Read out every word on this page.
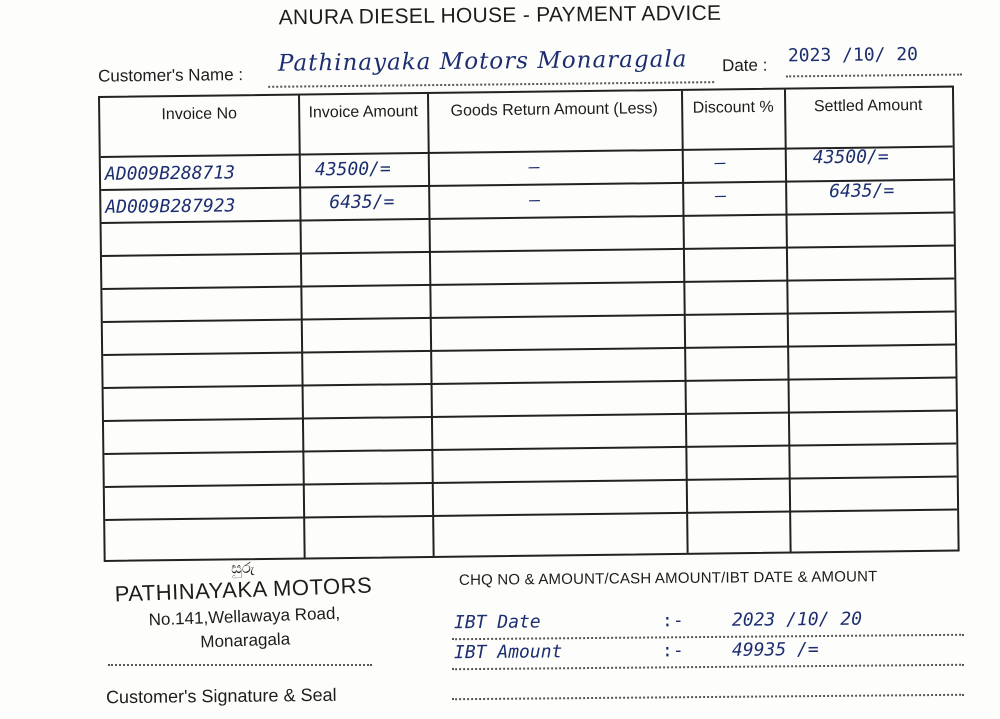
ANURA DIESEL HOUSE - PAYMENT ADVICE
Customer's Name : Pathinayaka Motors Monaragala Date : 2023 /10/ 20
Invoice No	Invoice Amount	Goods Return Amount (Less)	Discount %	Settled Amount
AD009B288713	43500/=	–	–	43500/=
AD009B287923	6435/=	–	–	6435/=
සුරු
PATHINAYAKA MOTORS
No.141,Wellawaya Road,
Monaragala
Customer's Signature & Seal
CHQ NO & AMOUNT/CASH AMOUNT/IBT DATE & AMOUNT
IBT Date	:-	2023 /10/ 20
IBT Amount	:-	49935 /=
